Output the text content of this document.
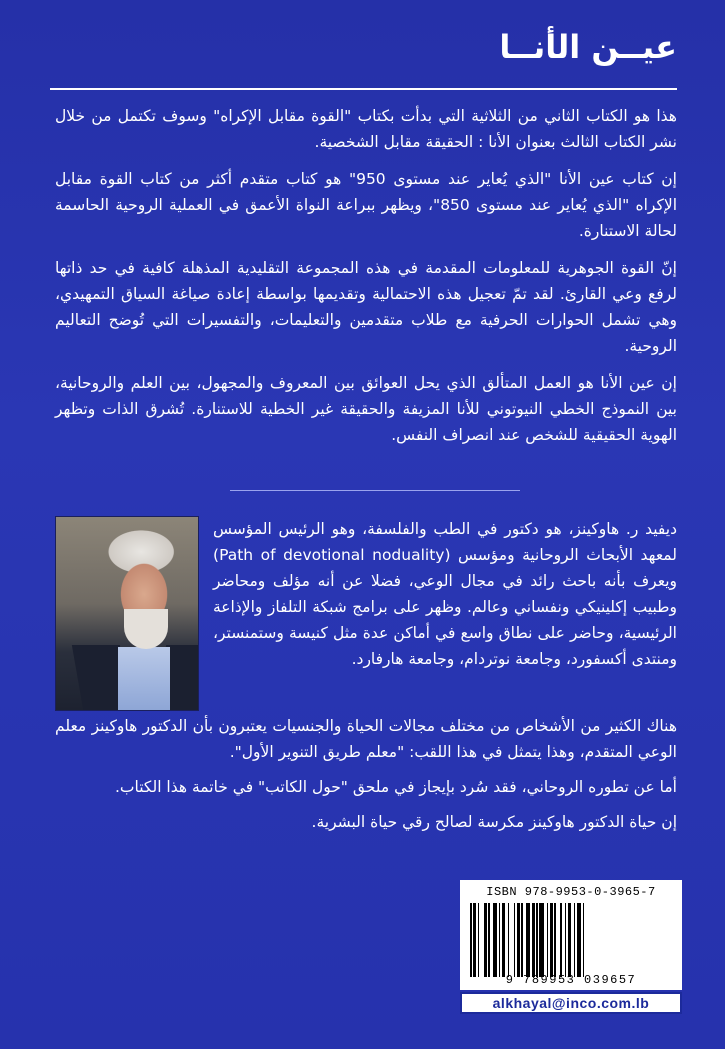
عيــن الأنــا

هذا هو الكتاب الثاني من الثلاثية التي بدأت بكتاب "القوة مقابل الإكراه" وسوف تكتمل من خلال نشر الكتاب الثالث بعنوان الأنا : الحقيقة مقابل الشخصية.

إن كتاب عين الأنا "الذي يُعاير عند مستوى 950" هو كتاب متقدم أكثر من كتاب القوة مقابل الإكراه "الذي يُعاير عند مستوى 850"، ويظهر ببراعة النواة الأعمق في العملية الروحية الحاسمة لحالة الاستنارة.

إنّ القوة الجوهرية للمعلومات المقدمة في هذه المجموعة التقليدية المذهلة كافية في حد ذاتها لرفع وعي القارئ. لقد تمّ تعجيل هذه الاحتمالية وتقديمها بواسطة إعادة صياغة السياق التمهيدي، وهي تشمل الحوارات الحرفية مع طلاب متقدمين والتعليمات، والتفسيرات التي تُوضح التعاليم الروحية.

إن عين الأنا هو العمل المتألق الذي يحل العوائق بين المعروف والمجهول، بين العلم والروحانية، بين النموذج الخطي النيوتوني للأنا المزيفة والحقيقة غير الخطية للاستنارة. تُشرق الذات وتظهر الهوية الحقيقية للشخص عند انصراف النفس.

ديفيد ر. هاوكينز، هو دكتور في الطب والفلسفة، وهو الرئيس المؤسس لمعهد الأبحاث الروحانية ومؤسس (Path of devotional noduality) ويعرف بأنه باحث رائد في مجال الوعي، فضلا عن أنه مؤلف ومحاضر وطبيب إكلينيكي ونفساني وعالم. وظهر على برامج شبكة التلفاز والإذاعة الرئيسية، وحاضر على نطاق واسع في أماكن عدة مثل كنيسة وستمنستر، ومنتدى أكسفورد، وجامعة نوتردام، وجامعة هارفارد.

هناك الكثير من الأشخاص من مختلف مجالات الحياة والجنسيات يعتبرون بأن الدكتور هاوكينز معلم الوعي المتقدم، وهذا يتمثل في هذا اللقب: "معلم طريق التنوير الأول".

أما عن تطوره الروحاني، فقد سُرد بإيجاز في ملحق "حول الكاتب" في خاتمة هذا الكتاب.

إن حياة الدكتور هاوكينز مكرسة لصالح رقي حياة البشرية.

ISBN 978-9953-0-3965-7
9 789953 039657
alkhayal@inco.com.lb
